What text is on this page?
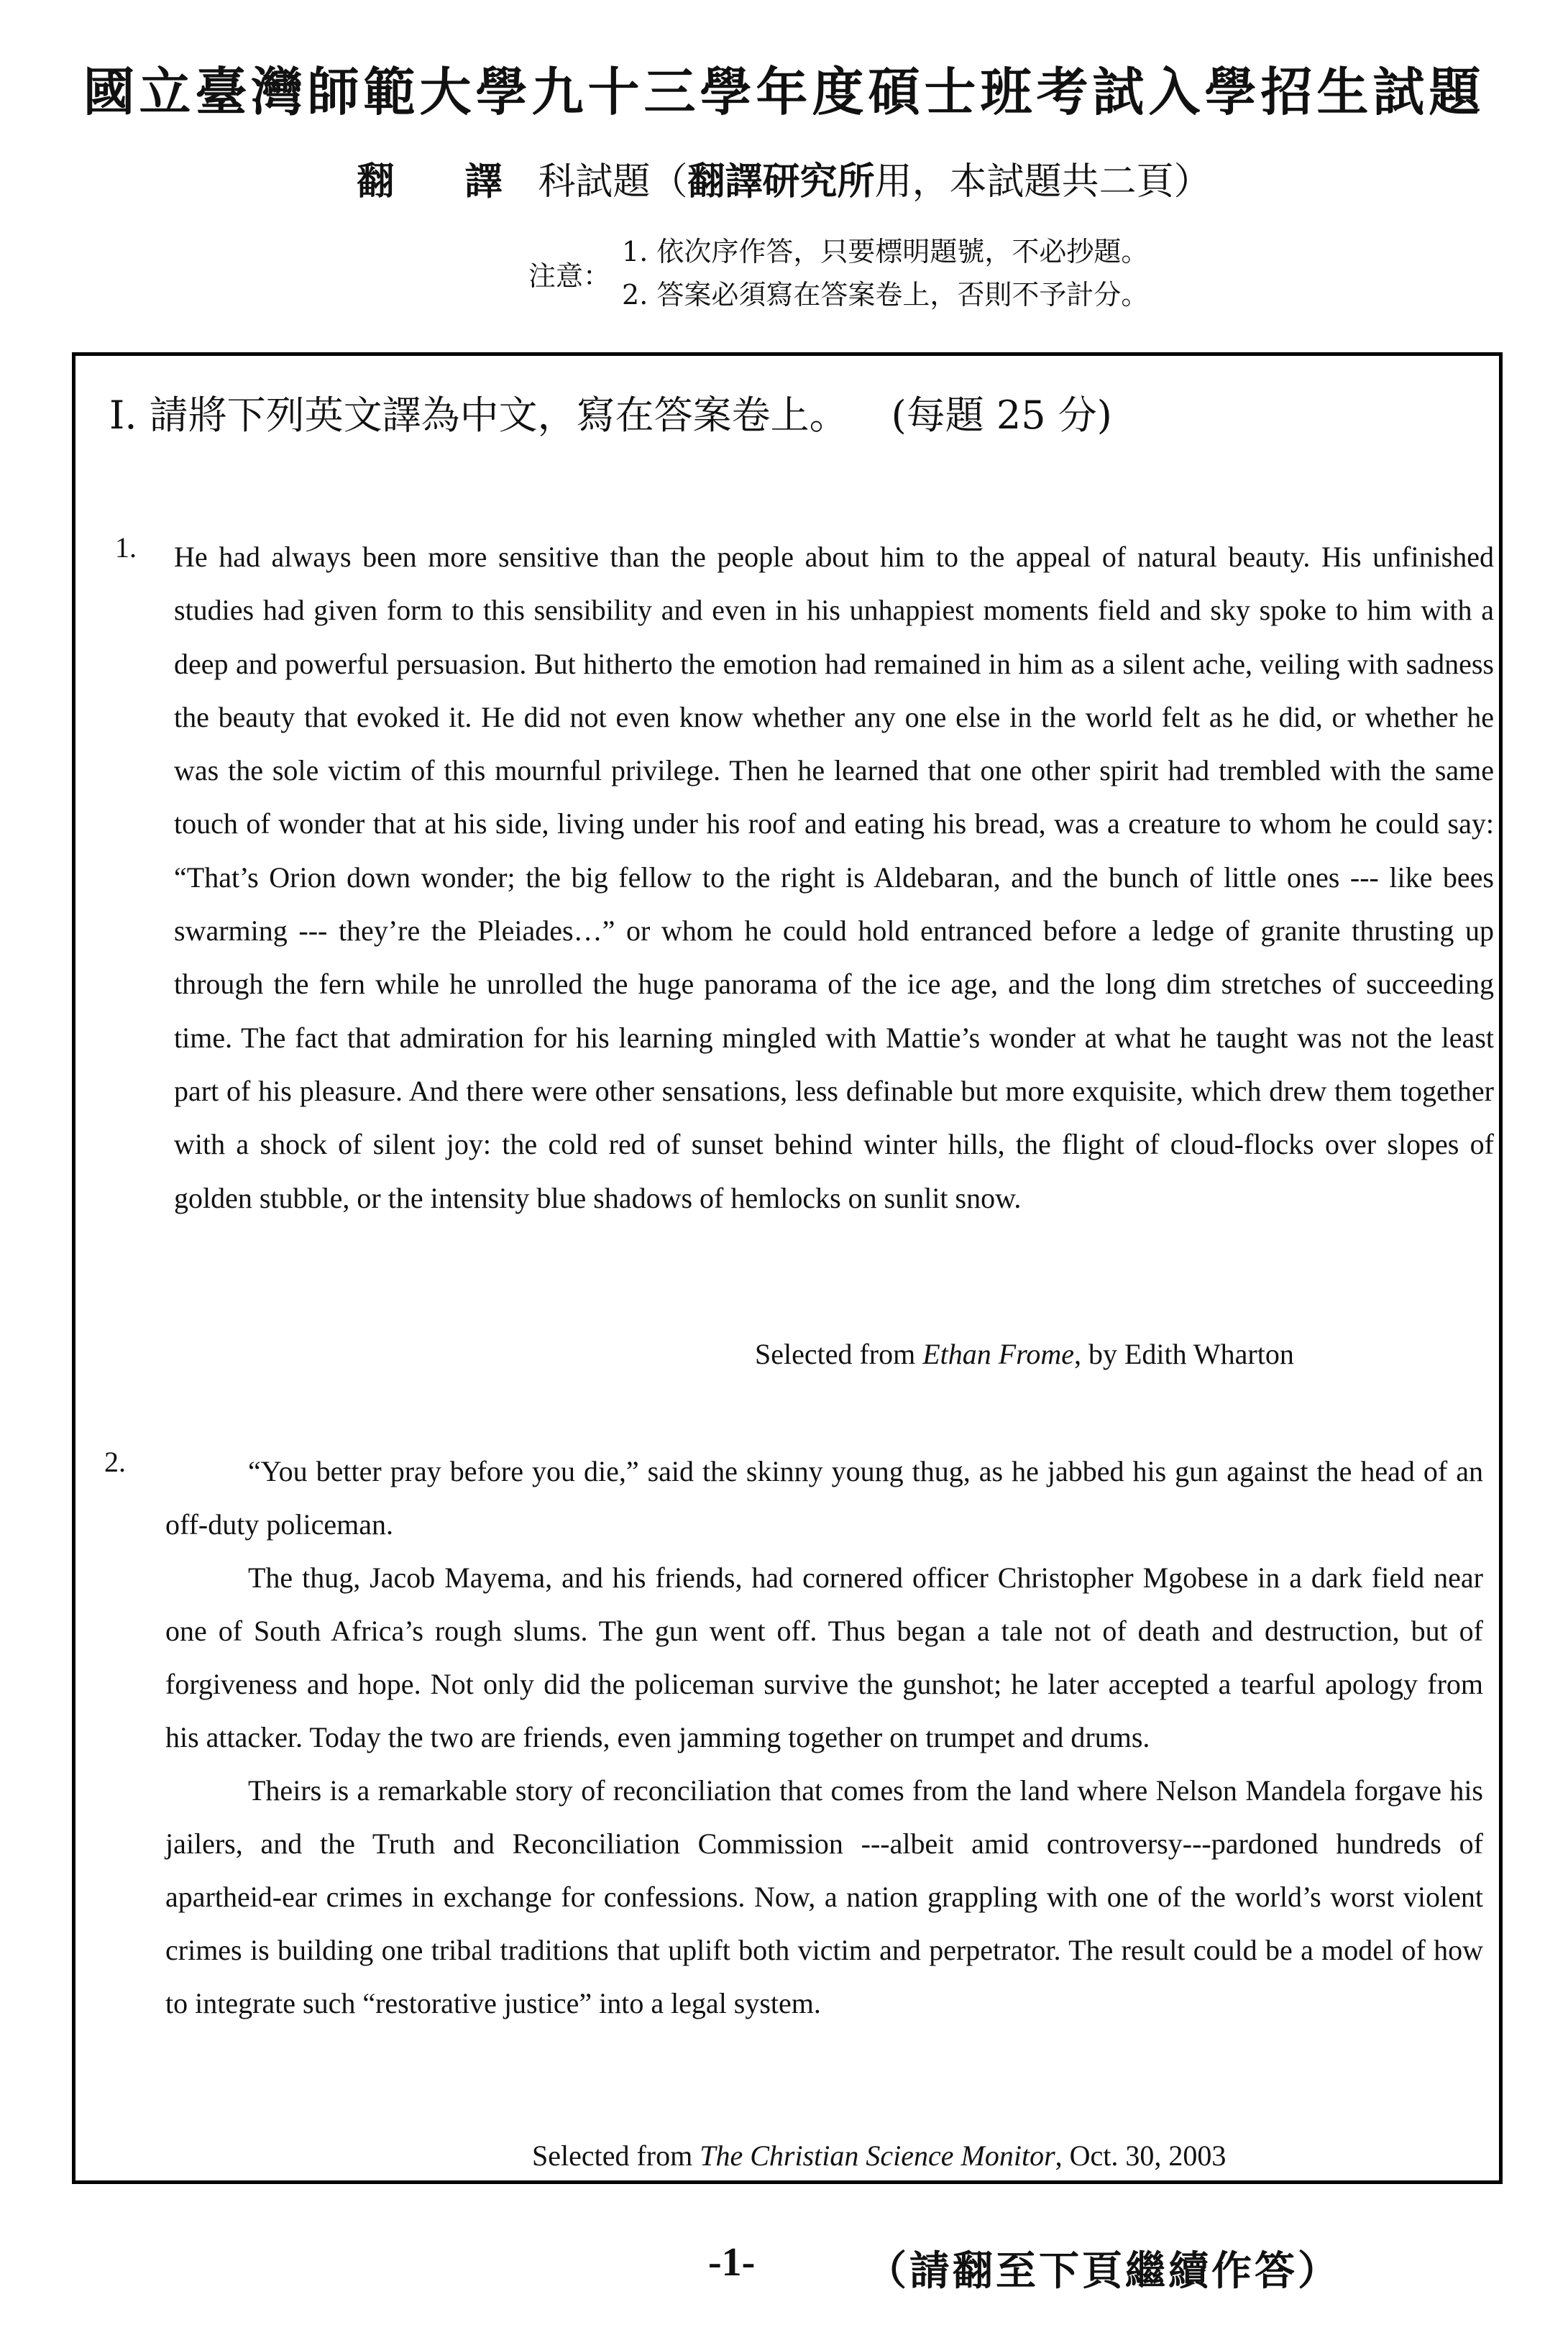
國立臺灣師範大學九十三學年度碩士班考試入學招生試題
翻 譯 科試題（翻譯研究所用，本試題共二頁）
注意：
1. 依次序作答，只要標明題號，不必抄題。
2. 答案必須寫在答案卷上，否則不予計分。
I. 請將下列英文譯為中文，寫在答案卷上。 (每題 25 分)
1. He had always been more sensitive than the people about him to the appeal of natural beauty. His unfinished studies had given form to this sensibility and even in his unhappiest moments field and sky spoke to him with a deep and powerful persuasion. But hitherto the emotion had remained in him as a silent ache, veiling with sadness the beauty that evoked it. He did not even know whether any one else in the world felt as he did, or whether he was the sole victim of this mournful privilege. Then he learned that one other spirit had trembled with the same touch of wonder that at his side, living under his roof and eating his bread, was a creature to whom he could say: “That’s Orion down wonder; the big fellow to the right is Aldebaran, and the bunch of little ones --- like bees swarming --- they’re the Pleiades…” or whom he could hold entranced before a ledge of granite thrusting up through the fern while he unrolled the huge panorama of the ice age, and the long dim stretches of succeeding time. The fact that admiration for his learning mingled with Mattie’s wonder at what he taught was not the least part of his pleasure. And there were other sensations, less definable but more exquisite, which drew them together with a shock of silent joy: the cold red of sunset behind winter hills, the flight of cloud-flocks over slopes of golden stubble, or the intensity blue shadows of hemlocks on sunlit snow.

Selected from Ethan Frome, by Edith Wharton
2.	“You better pray before you die,” said the skinny young thug, as he jabbed his gun against the head of an off-duty policeman.

The thug, Jacob Mayema, and his friends, had cornered officer Christopher Mgobese in a dark field near one of South Africa’s rough slums. The gun went off. Thus began a tale not of death and destruction, but of forgiveness and hope. Not only did the policeman survive the gunshot; he later accepted a tearful apology from his attacker. Today the two are friends, even jamming together on trumpet and drums.

Theirs is a remarkable story of reconciliation that comes from the land where Nelson Mandela forgave his jailers, and the Truth and Reconciliation Commission ---albeit amid controversy---pardoned hundreds of apartheid-ear crimes in exchange for confessions. Now, a nation grappling with one of the world’s worst violent crimes is building one tribal traditions that uplift both victim and perpetrator. The result could be a model of how to integrate such “restorative justice” into a legal system.

Selected from The Christian Science Monitor, Oct. 30, 2003
-1-	（請翻至下頁繼續作答）
